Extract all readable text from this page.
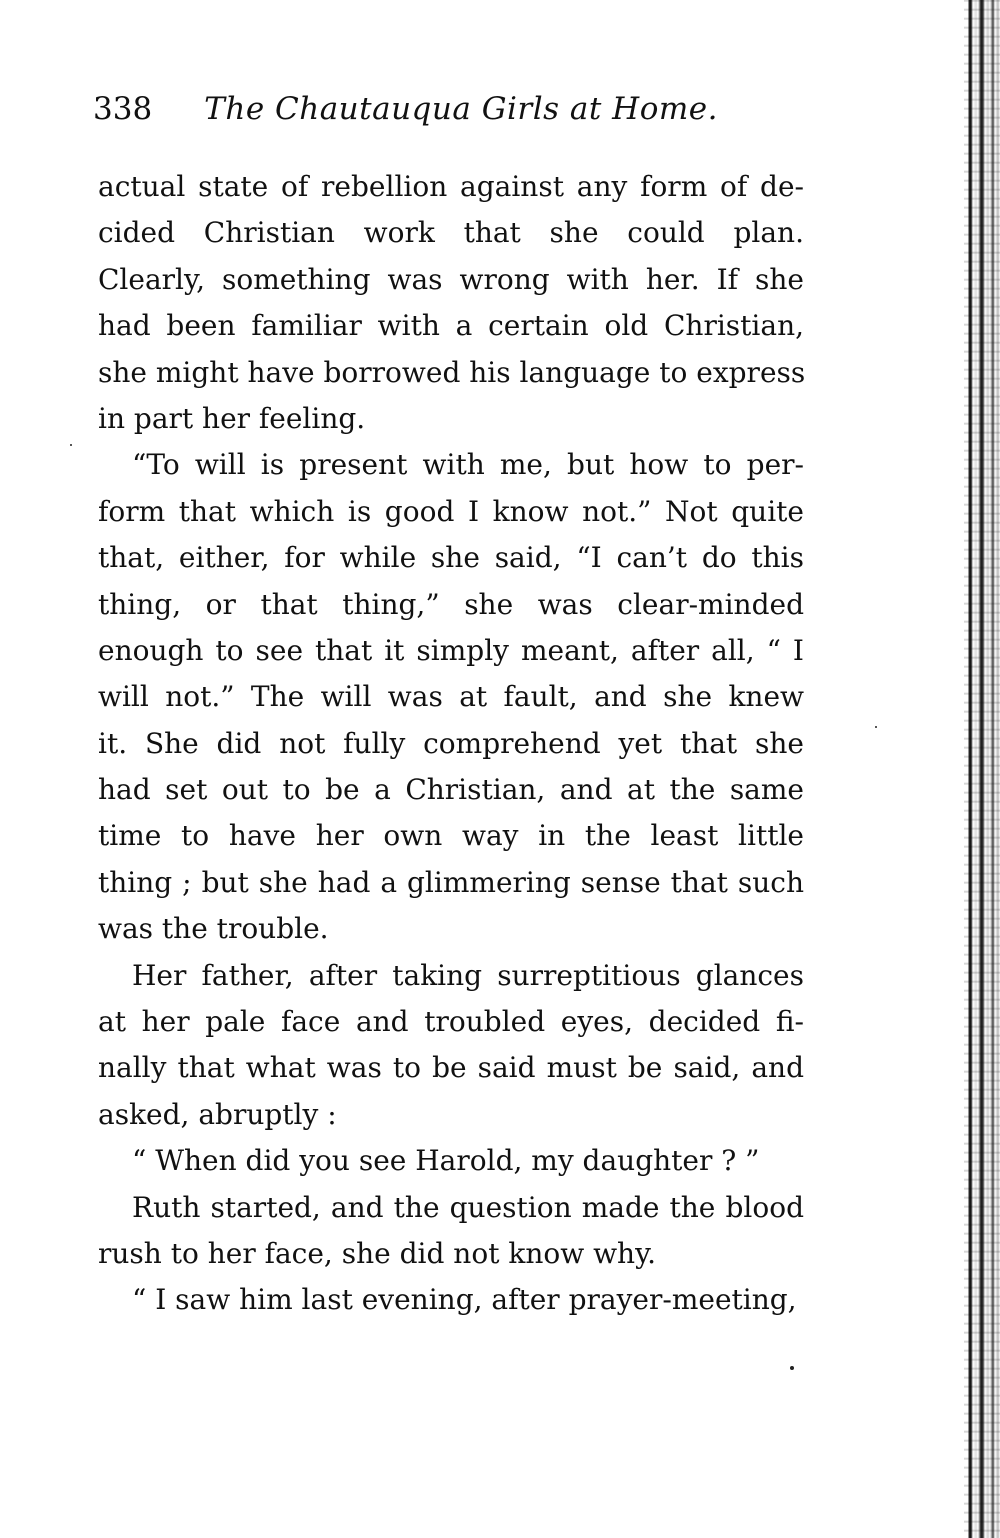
338 The Chautauqua Girls at Home.
actual state of rebellion against any form of de-
cided Christian work that she could plan.
Clearly, something was wrong with her. If she
had been familiar with a certain old Christian,
she might have borrowed his language to express
in part her feeling.
“To will is present with me, but how to per-
form that which is good I know not.” Not quite
that, either, for while she said, “I can’t do this
thing, or that thing,” she was clear-minded
enough to see that it simply meant, after all, “ I
will not.” The will was at fault, and she knew
it. She did not fully comprehend yet that she
had set out to be a Christian, and at the same
time to have her own way in the least little
thing ; but she had a glimmering sense that such
was the trouble.
Her father, after taking surreptitious glances
at her pale face and troubled eyes, decided fi-
nally that what was to be said must be said, and
asked, abruptly :
“ When did you see Harold, my daughter ? ”
Ruth started, and the question made the blood
rush to her face, she did not know why.
“ I saw him last evening, after prayer-meeting,
